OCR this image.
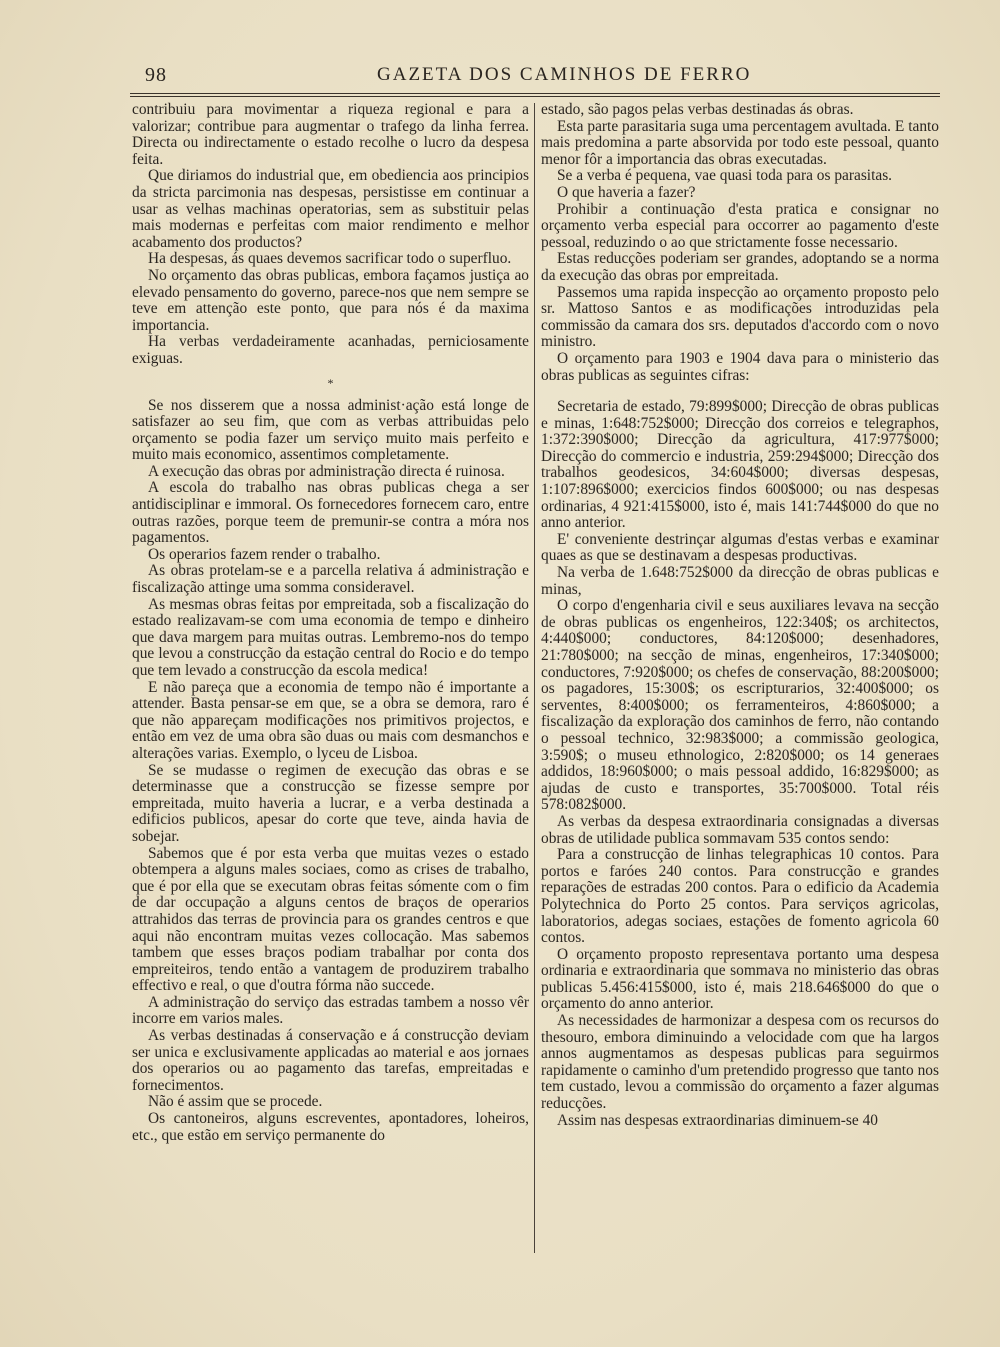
98	GAZETA DOS CAMINHOS DE FERRO

contribuiu para movimentar a riqueza regional e para a valorizar; contribue para augmentar o trafego da linha ferrea. Directa ou indirectamente o estado recolhe o lucro da despesa feita.

Que diriamos do industrial que, em obediencia aos principios da stricta parcimonia nas despesas, persistisse em continuar a usar as velhas machinas operatorias, sem as substituir pelas mais modernas e perfeitas com maior rendimento e melhor acabamento dos productos?

Ha despesas, ás quaes devemos sacrificar todo o superfluo.

No orçamento das obras publicas, embora façamos justiça ao elevado pensamento do governo, parece-nos que nem sempre se teve em attenção este ponto, que para nós é da maxima importancia.

Ha verbas verdadeiramente acanhadas, perniciosamente exiguas.

*

Se nos disserem que a nossa administ·ação está longe de satisfazer ao seu fim, que com as verbas attribuidas pelo orçamento se podia fazer um serviço muito mais perfeito e muito mais economico, assentimos completamente.

A execução das obras por administração directa é ruinosa.

A escola do trabalho nas obras publicas chega a ser antidisciplinar e immoral. Os fornecedores fornecem caro, entre outras razões, porque teem de premunir-se contra a móra nos pagamentos.

Os operarios fazem render o trabalho.

As obras protelam-se e a parcella relativa á administração e fiscalização attinge uma somma consideravel.

As mesmas obras feitas por empreitada, sob a fiscalização do estado realizavam-se com uma economia de tempo e dinheiro que dava margem para muitas outras. Lembremo-nos do tempo que levou a construcção da estação central do Rocio e do tempo que tem levado a construcção da escola medica!

E não pareça que a economia de tempo não é importante a attender. Basta pensar-se em que, se a obra se demora, raro é que não appareçam modificações nos primitivos projectos, e então em vez de uma obra são duas ou mais com desmanchos e alterações varias. Exemplo, o lyceu de Lisboa.

Se se mudasse o regimen de execução das obras e se determinasse que a construcção se fizesse sempre por empreitada, muito haveria a lucrar, e a verba destinada a edificios publicos, apesar do corte que teve, ainda havia de sobejar.

Sabemos que é por esta verba que muitas vezes o estado obtempera a alguns males sociaes, como as crises de trabalho, que é por ella que se executam obras feitas sómente com o fim de dar occupação a alguns centos de braços de operarios attrahidos das terras de provincia para os grandes centros e que aqui não encontram muitas vezes collocação. Mas sabemos tambem que esses braços podiam trabalhar por conta dos empreiteiros, tendo então a vantagem de produzirem trabalho effectivo e real, o que d'outra fórma não succede.

A administração do serviço das estradas tambem a nosso vêr incorre em varios males.

As verbas destinadas á conservação e á construcção deviam ser unica e exclusivamente applicadas ao material e aos jornaes dos operarios ou ao pagamento das tarefas, empreitadas e fornecimentos.

Não é assim que se procede.

Os cantoneiros, alguns escreventes, apontadores, loheiros, etc., que estão em serviço permanente do

estado, são pagos pelas verbas destinadas ás obras.

Esta parte parasitaria suga uma percentagem avultada. E tanto mais predomina a parte absorvida por todo este pessoal, quanto menor fôr a importancia das obras executadas.

Se a verba é pequena, vae quasi toda para os parasitas.

O que haveria a fazer?

Prohibir a continuação d'esta pratica e consignar no orçamento verba especial para occorrer ao pagamento d'este pessoal, reduzindo o ao que strictamente fosse necessario.

Estas reducções poderiam ser grandes, adoptando se a norma da execução das obras por empreitada.

Passemos uma rapida inspecção ao orçamento proposto pelo sr. Mattoso Santos e as modificações introduzidas pela commissão da camara dos srs. deputados d'accordo com o novo ministro.

O orçamento para 1903 e 1904 dava para o ministerio das obras publicas as seguintes cifras:

Secretaria de estado, 79:899$000; Direcção de obras publicas e minas, 1:648:752$000; Direcção dos correios e telegraphos, 1:372:390$000; Direcção da agricultura, 417:977$000; Direcção do commercio e industria, 259:294$000; Direcção dos trabalhos geodesicos, 34:604$000; diversas despesas, 1:107:896$000; exercicios findos 600$000; ou nas despesas ordinarias, 4 921:415$000, isto é, mais 141:744$000 do que no anno anterior.

E' conveniente destrinçar algumas d'estas verbas e examinar quaes as que se destinavam a despesas productivas.

Na verba de 1.648:752$000 da direcção de obras publicas e minas,

O corpo d'engenharia civil e seus auxiliares levava na secção de obras publicas os engenheiros, 122:340$; os architectos, 4:440$000; conductores, 84:120$000; desenhadores, 21:780$000; na secção de minas, engenheiros, 17:340$000; conductores, 7:920$000; os chefes de conservação, 88:200$000; os pagadores, 15:300$; os escripturarios, 32:400$000; os serventes, 8:400$000; os ferramenteiros, 4:860$000; a fiscalização da exploração dos caminhos de ferro, não contando o pessoal technico, 32:983$000; a commissão geologica, 3:590$; o museu ethnologico, 2:820$000; os 14 generaes addidos, 18:960$000; o mais pessoal addido, 16:829$000; as ajudas de custo e transportes, 35:700$000. Total réis 578:082$000.

As verbas da despesa extraordinaria consignadas a diversas obras de utilidade publica sommavam 535 contos sendo:

Para a construcção de linhas telegraphicas 10 contos. Para portos e faróes 240 contos. Para construcção e grandes reparações de estradas 200 contos. Para o edificio da Academia Polytechnica do Porto 25 contos. Para serviços agricolas, laboratorios, adegas sociaes, estações de fomento agricola 60 contos.

O orçamento proposto representava portanto uma despesa ordinaria e extraordinaria que sommava no ministerio das obras publicas 5.456:415$000, isto é, mais 218.646$000 do que o orçamento do anno anterior.

As necessidades de harmonizar a despesa com os recursos do thesouro, embora diminuindo a velocidade com que ha largos annos augmentamos as despesas publicas para seguirmos rapidamente o caminho d'um pretendido progresso que tanto nos tem custado, levou a commissão do orçamento a fazer algumas reducções.

Assim nas despesas extraordinarias diminuem-se 40
